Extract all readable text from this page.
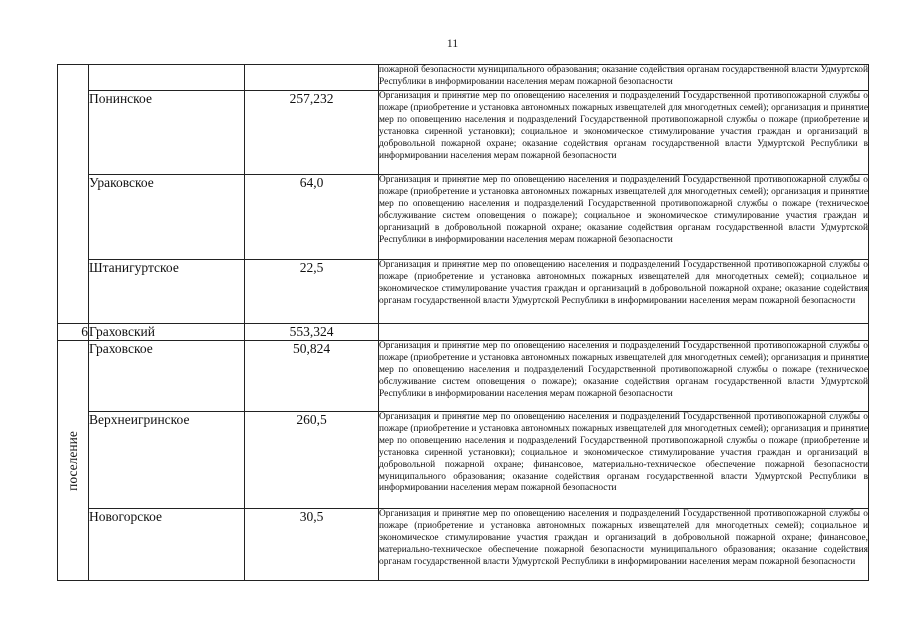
11
			пожарной безопасности муниципального образования; оказание содействия органам государственной власти Удмуртской Республики в информировании населения мерам пожарной безопасности
	Понинское	257,232	Организация и принятие мер по оповещению населения и подразделений Государственной противопожарной службы о пожаре (приобретение и установка автономных пожарных извещателей для многодетных семей); организация и принятие мер по оповещению населения и подразделений Государственной противопожарной службы о пожаре (приобретение и установка сиренной установки); социальное и экономическое стимулирование участия граждан и организаций в добровольной пожарной охране; оказание содействия органам государственной власти Удмуртской Республики в информировании населения мерам пожарной безопасности
	Ураковское	64,0	Организация и принятие мер по оповещению населения и подразделений Государственной противопожарной службы о пожаре (приобретение и установка автономных пожарных извещателей для многодетных семей); организация и принятие мер по оповещению населения и подразделений Государственной противопожарной службы о пожаре (техническое обслуживание систем оповещения о пожаре); социальное и экономическое стимулирование участия граждан и организаций в добровольной пожарной охране; оказание содействия органам государственной власти Удмуртской Республики в информировании населения мерам пожарной безопасности
	Штанигуртское	22,5	Организация и принятие мер по оповещению населения и подразделений Государственной противопожарной службы о пожаре (приобретение и установка автономных пожарных извещателей для многодетных семей); социальное и экономическое стимулирование участия граждан и организаций в добровольной пожарной охране; оказание содействия органам государственной власти Удмуртской Республики в информировании населения мерам пожарной безопасности
6	Граховский	553,324	

поселение	Граховское	50,824	Организация и принятие мер по оповещению населения и подразделений Государственной противопожарной службы о пожаре (приобретение и установка автономных пожарных извещателей для многодетных семей); организация и принятие мер по оповещению населения и подразделений Государственной противопожарной службы о пожаре (техническое обслуживание систем оповещения о пожаре); оказание содействия органам государственной власти Удмуртской Республики в информировании населения мерам пожарной безопасности
	Верхнеигринское	260,5	Организация и принятие мер по оповещению населения и подразделений Государственной противопожарной службы о пожаре (приобретение и установка автономных пожарных извещателей для многодетных семей); организация и принятие мер по оповещению населения и подразделений Государственной противопожарной службы о пожаре (приобретение и установка сиренной установки); социальное и экономическое стимулирование участия граждан и организаций в добровольной пожарной охране; финансовое, материально-техническое обеспечение пожарной безопасности муниципального образования; оказание содействия органам государственной власти Удмуртской Республики в информировании населения мерам пожарной безопасности
	Новогорское	30,5	Организация и принятие мер по оповещению населения и подразделений Государственной противопожарной службы о пожаре (приобретение и установка автономных пожарных извещателей для многодетных семей); социальное и экономическое стимулирование участия граждан и организаций в добровольной пожарной охране; финансовое, материально-техническое обеспечение пожарной безопасности муниципального образования; оказание содействия органам государственной власти Удмуртской Республики в информировании населения мерам пожарной безопасности
